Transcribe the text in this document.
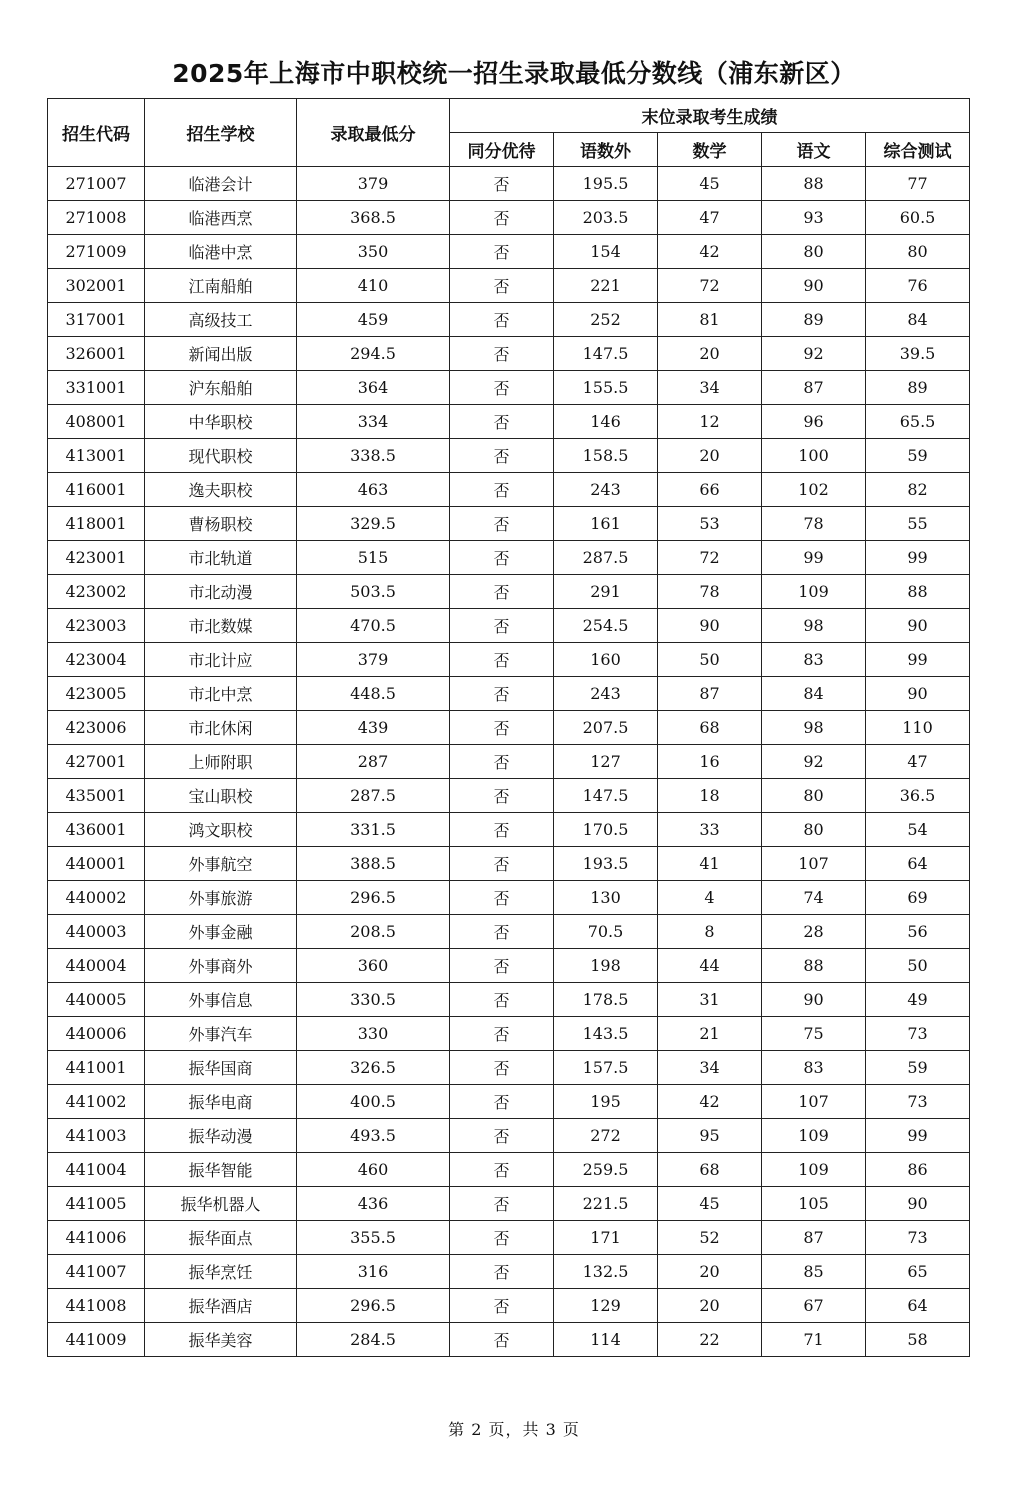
2025年上海市中职校统一招生录取最低分数线（浦东新区）
招生代码	招生学校	录取最低分	末位录取考生成绩				
			同分优待	语数外	数学	语文	综合测试
271007	临港会计	379	否	195.5	45	88	77
271008	临港西烹	368.5	否	203.5	47	93	60.5
271009	临港中烹	350	否	154	42	80	80
302001	江南船舶	410	否	221	72	90	76
317001	高级技工	459	否	252	81	89	84
326001	新闻出版	294.5	否	147.5	20	92	39.5
331001	沪东船舶	364	否	155.5	34	87	89
408001	中华职校	334	否	146	12	96	65.5
413001	现代职校	338.5	否	158.5	20	100	59
416001	逸夫职校	463	否	243	66	102	82
418001	曹杨职校	329.5	否	161	53	78	55
423001	市北轨道	515	否	287.5	72	99	99
423002	市北动漫	503.5	否	291	78	109	88
423003	市北数媒	470.5	否	254.5	90	98	90
423004	市北计应	379	否	160	50	83	99
423005	市北中烹	448.5	否	243	87	84	90
423006	市北休闲	439	否	207.5	68	98	110
427001	上师附职	287	否	127	16	92	47
435001	宝山职校	287.5	否	147.5	18	80	36.5
436001	鸿文职校	331.5	否	170.5	33	80	54
440001	外事航空	388.5	否	193.5	41	107	64
440002	外事旅游	296.5	否	130	4	74	69
440003	外事金融	208.5	否	70.5	8	28	56
440004	外事商外	360	否	198	44	88	50
440005	外事信息	330.5	否	178.5	31	90	49
440006	外事汽车	330	否	143.5	21	75	73
441001	振华国商	326.5	否	157.5	34	83	59
441002	振华电商	400.5	否	195	42	107	73
441003	振华动漫	493.5	否	272	95	109	99
441004	振华智能	460	否	259.5	68	109	86
441005	振华机器人	436	否	221.5	45	105	90
441006	振华面点	355.5	否	171	52	87	73
441007	振华烹饪	316	否	132.5	20	85	65
441008	振华酒店	296.5	否	129	20	67	64
441009	振华美容	284.5	否	114	22	71	58
第 2 页，共 3 页
